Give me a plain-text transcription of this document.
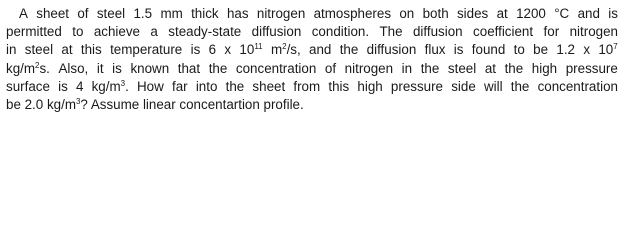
A sheet of steel 1.5 mm thick has nitrogen atmospheres on both sides at 1200 °C and is
permitted to achieve a steady-state diffusion condition. The diffusion coefficient for nitrogen
in steel at this temperature is 6 x $10^{11}$ $m^2/s$, and the diffusion flux is found to be 1.2 x $10^7$
$kg/m^2s$. Also, it is known that the concentration of nitrogen in the steel at the high pressure
surface is 4 $kg/m^3$. How far into the sheet from this high pressure side will the concentration
be 2.0 $kg/m^3$? Assume linear concentartion profile.
